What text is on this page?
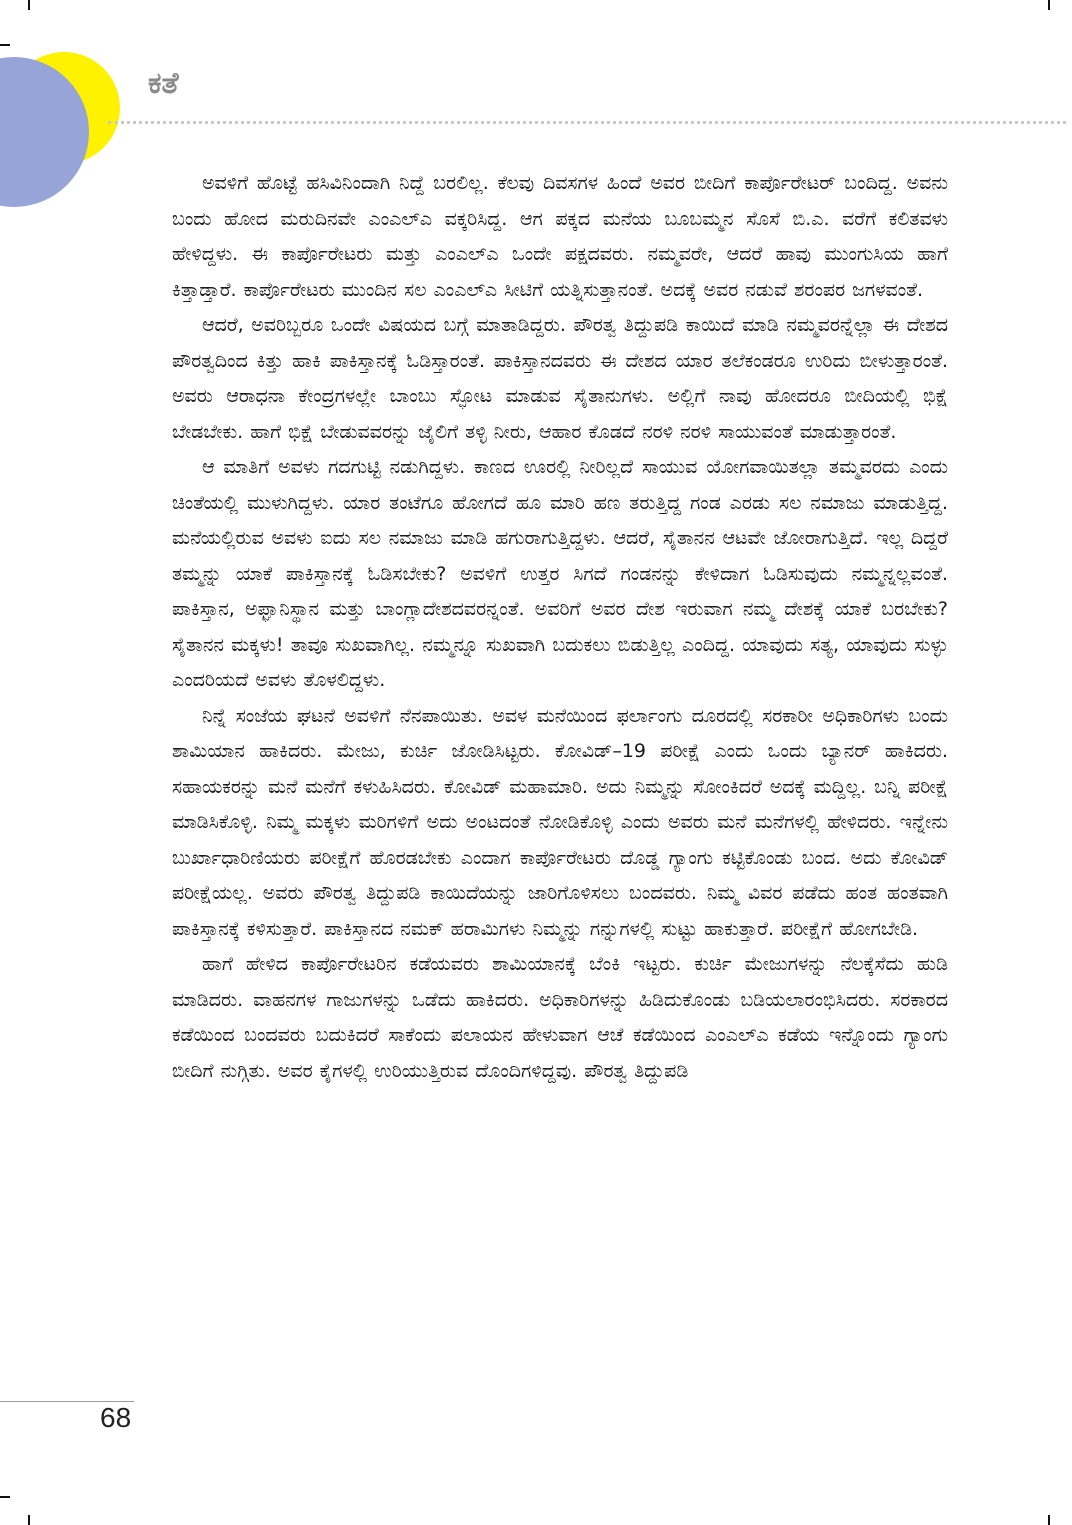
ಕತೆ

ಅವಳಿಗೆ ಹೊಟ್ಟೆ ಹಸಿವಿನಿಂದಾಗಿ ನಿದ್ದೆ ಬರಲಿಲ್ಲ. ಕೆಲವು ದಿವಸಗಳ ಹಿಂದೆ ಅವರ ಬೀದಿಗೆ ಕಾರ್ಪೊರೇಟರ್ ಬಂದಿದ್ದ. ಅವನು ಬಂದು ಹೋದ ಮರುದಿನವೇ ಎಂಎಲ್‌ಎ ವಕ್ಕರಿಸಿದ್ದ. ಆಗ ಪಕ್ಕದ ಮನೆಯ ಬೂಬಮ್ಮನ ಸೊಸೆ ಬಿ.ಎ. ವರೆಗೆ ಕಲಿತವಳು ಹೇಳಿದ್ದಳು. ಈ ಕಾರ್ಪೊರೇಟರು ಮತ್ತು ಎಂಎಲ್‌ಎ ಒಂದೇ ಪಕ್ಷದವರು. ನಮ್ಮವರೇ, ಆದರೆ ಹಾವು ಮುಂಗುಸಿಯ ಹಾಗೆ ಕಿತ್ತಾಡ್ತಾರೆ. ಕಾರ್ಪೊರೇಟರು ಮುಂದಿನ ಸಲ ಎಂಎಲ್‌ಎ ಸೀಟಿಗೆ ಯತ್ನಿಸುತ್ತಾನಂತೆ. ಅದಕ್ಕೆ ಅವರ ನಡುವೆ ಶರಂಪರ ಜಗಳವಂತೆ.

ಆದರೆ, ಅವರಿಬ್ಬರೂ ಒಂದೇ ವಿಷಯದ ಬಗ್ಗೆ ಮಾತಾಡಿದ್ದರು. ಪೌರತ್ವ ತಿದ್ದುಪಡಿ ಕಾಯಿದೆ ಮಾಡಿ ನಮ್ಮವರನ್ನೆಲ್ಲಾ ಈ ದೇಶದ ಪೌರತ್ವದಿಂದ ಕಿತ್ತು ಹಾಕಿ ಪಾಕಿಸ್ತಾನಕ್ಕೆ ಓಡಿಸ್ತಾರಂತೆ. ಪಾಕಿಸ್ತಾನದವರು ಈ ದೇಶದ ಯಾರ ತಲೆಕಂಡರೂ ಉರಿದು ಬೀಳುತ್ತಾರಂತೆ. ಅವರು ಆರಾಧನಾ ಕೇಂದ್ರಗಳಲ್ಲೇ ಬಾಂಬು ಸ್ಫೋಟ ಮಾಡುವ ಸೈತಾನುಗಳು. ಅಲ್ಲಿಗೆ ನಾವು ಹೋದರೂ ಬೀದಿಯಲ್ಲಿ ಭಿಕ್ಷೆ ಬೇಡಬೇಕು. ಹಾಗೆ ಭಿಕ್ಷೆ ಬೇಡುವವರನ್ನು ಜೈಲಿಗೆ ತಳ್ಳಿ ನೀರು, ಆಹಾರ ಕೊಡದೆ ನರಳಿ ನರಳಿ ಸಾಯುವಂತೆ ಮಾಡುತ್ತಾರಂತೆ.

ಆ ಮಾತಿಗೆ ಅವಳು ಗದಗುಟ್ಟಿ ನಡುಗಿದ್ದಳು. ಕಾಣದ ಊರಲ್ಲಿ ನೀರಿಲ್ಲದೆ ಸಾಯುವ ಯೋಗವಾಯಿತಲ್ಲಾ ತಮ್ಮವರದು ಎಂದು ಚಿಂತೆಯಲ್ಲಿ ಮುಳುಗಿದ್ದಳು. ಯಾರ ತಂಟೆಗೂ ಹೋಗದೆ ಹೂ ಮಾರಿ ಹಣ ತರುತ್ತಿದ್ದ ಗಂಡ ಎರಡು ಸಲ ನಮಾಜು ಮಾಡುತ್ತಿದ್ದ. ಮನೆಯಲ್ಲಿರುವ ಅವಳು ಐದು ಸಲ ನಮಾಜು ಮಾಡಿ ಹಗುರಾಗುತ್ತಿದ್ದಳು. ಆದರೆ, ಸೈತಾನನ ಆಟವೇ ಜೋರಾಗುತ್ತಿದೆ. ಇಲ್ಲ ದಿದ್ದರೆ ತಮ್ಮನ್ನು ಯಾಕೆ ಪಾಕಿಸ್ತಾನಕ್ಕೆ ಓಡಿಸಬೇಕು? ಅವಳಿಗೆ ಉತ್ತರ ಸಿಗದೆ ಗಂಡನನ್ನು ಕೇಳಿದಾಗ ಓಡಿಸುವುದು ನಮ್ಮನ್ನಲ್ಲವಂತೆ. ಪಾಕಿಸ್ತಾನ, ಅಫ್ಘಾನಿಸ್ಥಾನ ಮತ್ತು ಬಾಂಗ್ಲಾದೇಶದವರನ್ನಂತೆ. ಅವರಿಗೆ ಅವರ ದೇಶ ಇರುವಾಗ ನಮ್ಮ ದೇಶಕ್ಕೆ ಯಾಕೆ ಬರಬೇಕು? ಸೈತಾನನ ಮಕ್ಕಳು! ತಾವೂ ಸುಖವಾಗಿಲ್ಲ. ನಮ್ಮನ್ನೂ ಸುಖವಾಗಿ ಬದುಕಲು ಬಿಡುತ್ತಿಲ್ಲ ಎಂದಿದ್ದ. ಯಾವುದು ಸತ್ಯ, ಯಾವುದು ಸುಳ್ಳು ಎಂದರಿಯದೆ ಅವಳು ತೊಳಲಿದ್ದಳು.

ನಿನ್ನೆ ಸಂಜೆಯ ಘಟನೆ ಅವಳಿಗೆ ನೆನಪಾಯಿತು. ಅವಳ ಮನೆಯಿಂದ ಫರ್ಲಾಂಗು ದೂರದಲ್ಲಿ ಸರಕಾರೀ ಅಧಿಕಾರಿಗಳು ಬಂದು ಶಾಮಿಯಾನ ಹಾಕಿದರು. ಮೇಜು, ಕುರ್ಚಿ ಜೋಡಿಸಿಟ್ಟರು. ಕೋವಿಡ್–19 ಪರೀಕ್ಷೆ ಎಂದು ಒಂದು ಬ್ಯಾನರ್ ಹಾಕಿದರು. ಸಹಾಯಕರನ್ನು ಮನೆ ಮನೆಗೆ ಕಳುಹಿಸಿದರು. ಕೋವಿಡ್ ಮಹಾಮಾರಿ. ಅದು ನಿಮ್ಮನ್ನು ಸೋಂಕಿದರೆ ಅದಕ್ಕೆ ಮದ್ದಿಲ್ಲ. ಬನ್ನಿ ಪರೀಕ್ಷೆ ಮಾಡಿಸಿಕೊಳ್ಳಿ. ನಿಮ್ಮ ಮಕ್ಕಳು ಮರಿಗಳಿಗೆ ಅದು ಅಂಟದಂತೆ ನೋಡಿಕೊಳ್ಳಿ ಎಂದು ಅವರು ಮನೆ ಮನೆಗಳಲ್ಲಿ ಹೇಳಿದರು. ಇನ್ನೇನು ಬುರ್ಖಾಧಾರಿಣಿಯರು ಪರೀಕ್ಷೆಗೆ ಹೊರಡಬೇಕು ಎಂದಾಗ ಕಾರ್ಪೊರೇಟರು ದೊಡ್ಡ ಗ್ಯಾಂಗು ಕಟ್ಟಿಕೊಂಡು ಬಂದ. ಅದು ಕೋವಿಡ್ ಪರೀಕ್ಷೆಯಲ್ಲ. ಅವರು ಪೌರತ್ವ ತಿದ್ದುಪಡಿ ಕಾಯಿದೆಯನ್ನು ಜಾರಿಗೊಳಿಸಲು ಬಂದವರು. ನಿಮ್ಮ ವಿವರ ಪಡೆದು ಹಂತ ಹಂತವಾಗಿ ಪಾಕಿಸ್ತಾನಕ್ಕೆ ಕಳಿಸುತ್ತಾರೆ. ಪಾಕಿಸ್ತಾನದ ನಮಕ್ ಹರಾಮಿಗಳು ನಿಮ್ಮನ್ನು ಗನ್ನುಗಳಲ್ಲಿ ಸುಟ್ಟು ಹಾಕುತ್ತಾರೆ. ಪರೀಕ್ಷೆಗೆ ಹೋಗಬೇಡಿ.

ಹಾಗೆ ಹೇಳಿದ ಕಾರ್ಪೊರೇಟರಿನ ಕಡೆಯವರು ಶಾಮಿಯಾನಕ್ಕೆ ಬೆಂಕಿ ಇಟ್ಟರು. ಕುರ್ಚಿ ಮೇಜುಗಳನ್ನು ನೆಲಕ್ಕೆಸೆದು ಹುಡಿ ಮಾಡಿದರು. ವಾಹನಗಳ ಗಾಜುಗಳನ್ನು ಒಡೆದು ಹಾಕಿದರು. ಅಧಿಕಾರಿಗಳನ್ನು ಹಿಡಿದುಕೊಂಡು ಬಡಿಯಲಾರಂಭಿಸಿದರು. ಸರಕಾರದ ಕಡೆಯಿಂದ ಬಂದವರು ಬದುಕಿದರೆ ಸಾಕೆಂದು ಪಲಾಯನ ಹೇಳುವಾಗ ಆಚೆ ಕಡೆಯಿಂದ ಎಂಎಲ್‌ಎ ಕಡೆಯ ಇನ್ನೊಂದು ಗ್ಯಾಂಗು ಬೀದಿಗೆ ನುಗ್ಗಿತು. ಅವರ ಕೈಗಳಲ್ಲಿ ಉರಿಯುತ್ತಿರುವ ದೊಂದಿಗಳಿದ್ದವು. ಪೌರತ್ವ ತಿದ್ದುಪಡಿ

68
